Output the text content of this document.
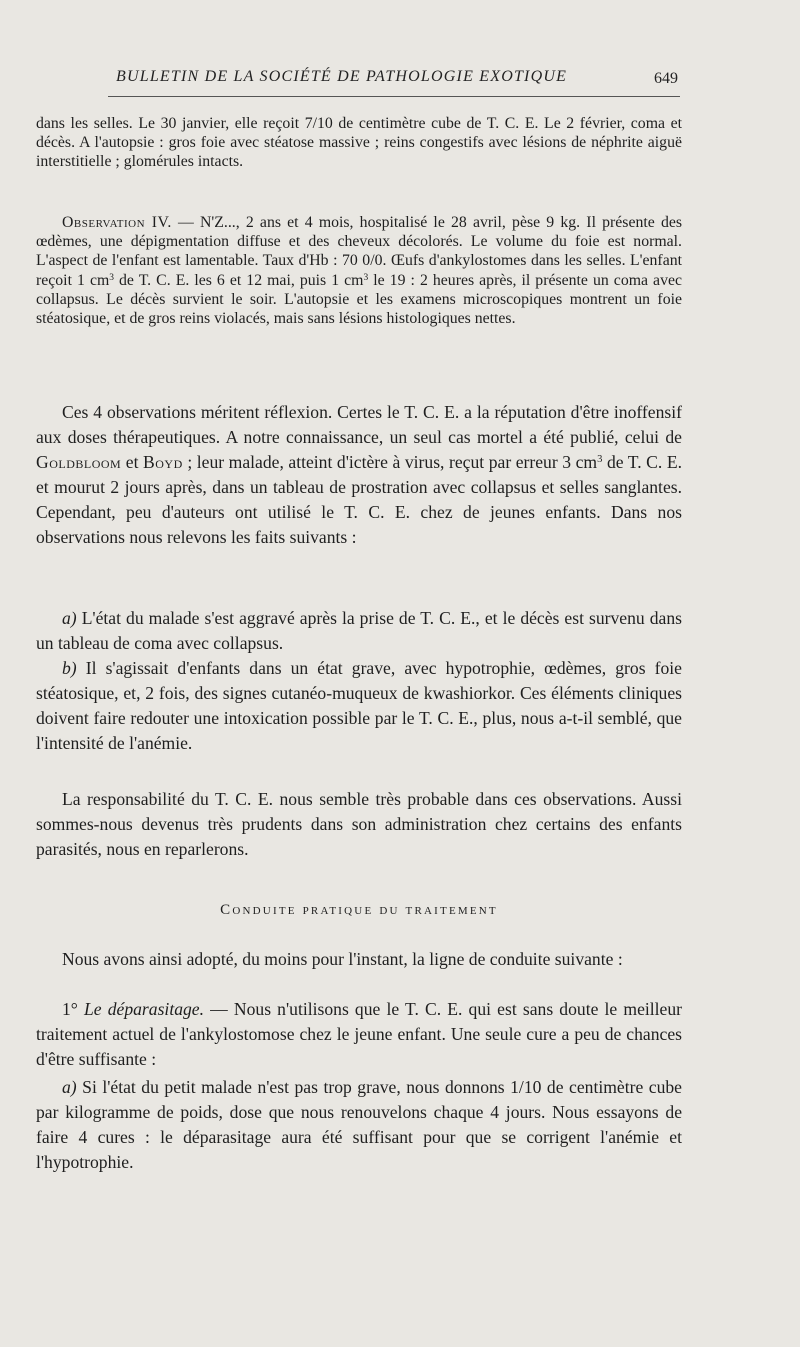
BULLETIN DE LA SOCIÉTÉ DE PATHOLOGIE EXOTIQUE	649

dans les selles. Le 30 janvier, elle reçoit 7/10 de centimètre cube de T. C. E. Le 2 février, coma et décès. A l'autopsie : gros foie avec stéatose massive ; reins congestifs avec lésions de néphrite aiguë interstitielle ; glomérules intacts.

Observation IV. — N'Z..., 2 ans et 4 mois, hospitalisé le 28 avril, pèse 9 kg. Il présente des œdèmes, une dépigmentation diffuse et des cheveux décolorés. Le volume du foie est normal. L'aspect de l'enfant est lamentable. Taux d'Hb : 70 0/0. Œufs d'ankylostomes dans les selles. L'enfant reçoit 1 $cm^3$ de T. C. E. les 6 et 12 mai, puis 1 $cm^3$ le 19 : 2 heures après, il présente un coma avec collapsus. Le décès survient le soir. L'autopsie et les examens microscopiques montrent un foie stéatosique, et de gros reins violacés, mais sans lésions histologiques nettes.

Ces 4 observations méritent réflexion. Certes le T. C. E. a la réputation d'être inoffensif aux doses thérapeutiques. A notre connaissance, un seul cas mortel a été publié, celui de Goldbloom et Boyd ; leur malade, atteint d'ictère à virus, reçut par erreur 3 $cm^3$ de T. C. E. et mourut 2 jours après, dans un tableau de prostration avec collapsus et selles sanglantes. Cependant, peu d'auteurs ont utilisé le T. C. E. chez de jeunes enfants. Dans nos observations nous relevons les faits suivants :

a) L'état du malade s'est aggravé après la prise de T. C. E., et le décès est survenu dans un tableau de coma avec collapsus.

b) Il s'agissait d'enfants dans un état grave, avec hypotrophie, œdèmes, gros foie stéatosique, et, 2 fois, des signes cutanéo-muqueux de kwashiorkor. Ces éléments cliniques doivent faire redouter une intoxication possible par le T. C. E., plus, nous a-t-il semblé, que l'intensité de l'anémie.

La responsabilité du T. C. E. nous semble très probable dans ces observations. Aussi sommes-nous devenus très prudents dans son administration chez certains des enfants parasités, nous en reparlerons.

Conduite pratique du traitement

Nous avons ainsi adopté, du moins pour l'instant, la ligne de conduite suivante :

1° Le déparasitage. — Nous n'utilisons que le T. C. E. qui est sans doute le meilleur traitement actuel de l'ankylostomose chez le jeune enfant. Une seule cure a peu de chances d'être suffisante :

a) Si l'état du petit malade n'est pas trop grave, nous donnons 1/10 de centimètre cube par kilogramme de poids, dose que nous renouvelons chaque 4 jours. Nous essayons de faire 4 cures : le déparasitage aura été suffisant pour que se corrigent l'anémie et l'hypotrophie.
